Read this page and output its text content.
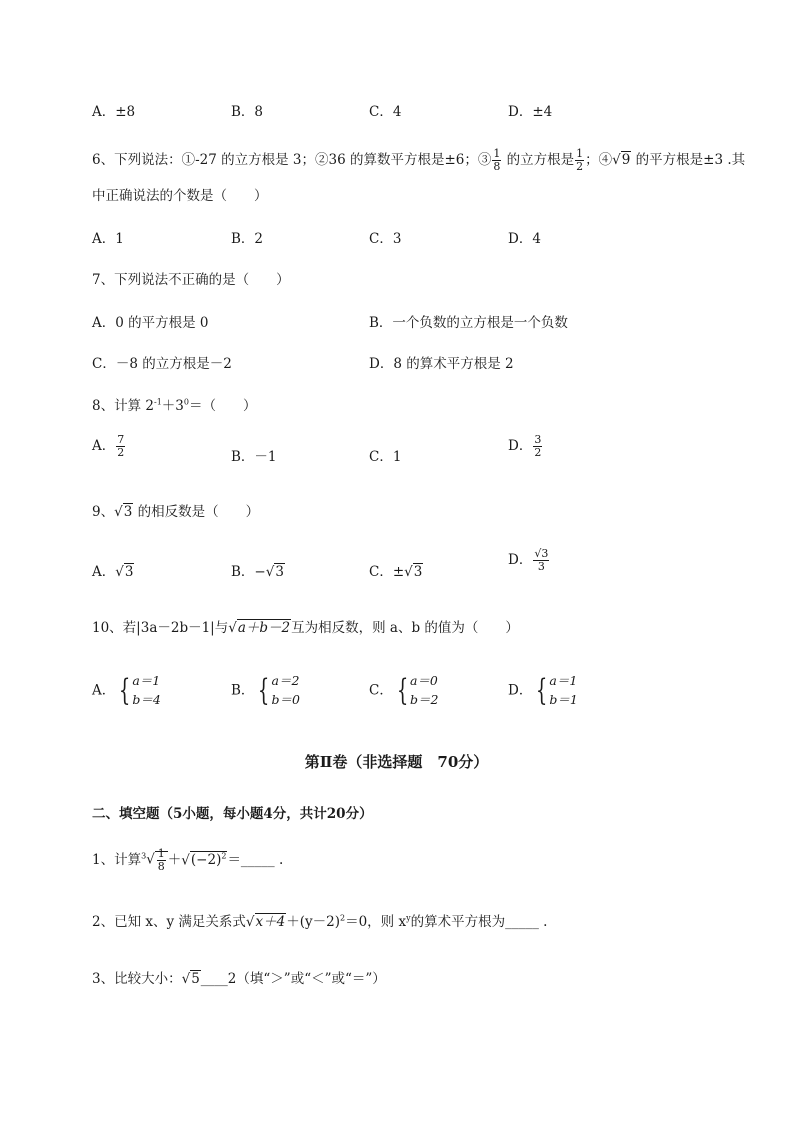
A．±8	B．8	C．4	D．±4
6、下列说法：①-27 的立方根是 3；②36 的算数平方根是±6；③ $\frac{1}{8}$ 的立方根是 $\frac{1}{2}$ ；④√9 的平方根是±3 .其
中正确说法的个数是（　　）
A．1	B．2	C．3	D．4
7、下列说法不正确的是（　　）
A．0 的平方根是 0	B．一个负数的立方根是一个负数
C．－8 的立方根是－2	D．8 的算术平方根是 2
8、计算 $2^{-1}+3^0=$（　　）
A． $\frac{7}{2}$	B．－1	C．1
D． $\frac{3}{2}$
9、√3 的相反数是（　　）
A．√3	B．−√3	C．±√3
D． $\frac{√3}{3}$
10、若|3a－2b－1|与√a＋b－2互为相反数，则 a、b 的值为（　　）
A． { a＝1
b＝4
B． { a＝2
b＝0
C． { a＝0
b＝2
D． { a＝1
b＝1
第Ⅱ卷（非选择题　70分）
二、填空题（5小题，每小题4分，共计20分）
1、计算$^3√ \frac{1}{8}$ $+√(-2)^2=\_\_\_\_\_$ .
2、已知 x、y 满足关系式$√x+4+(y-2)^2=0$，则 $x^y$的算术平方根为_____ .
3、比较大小：√5____2（填“＞”或“＜”或“＝”）
